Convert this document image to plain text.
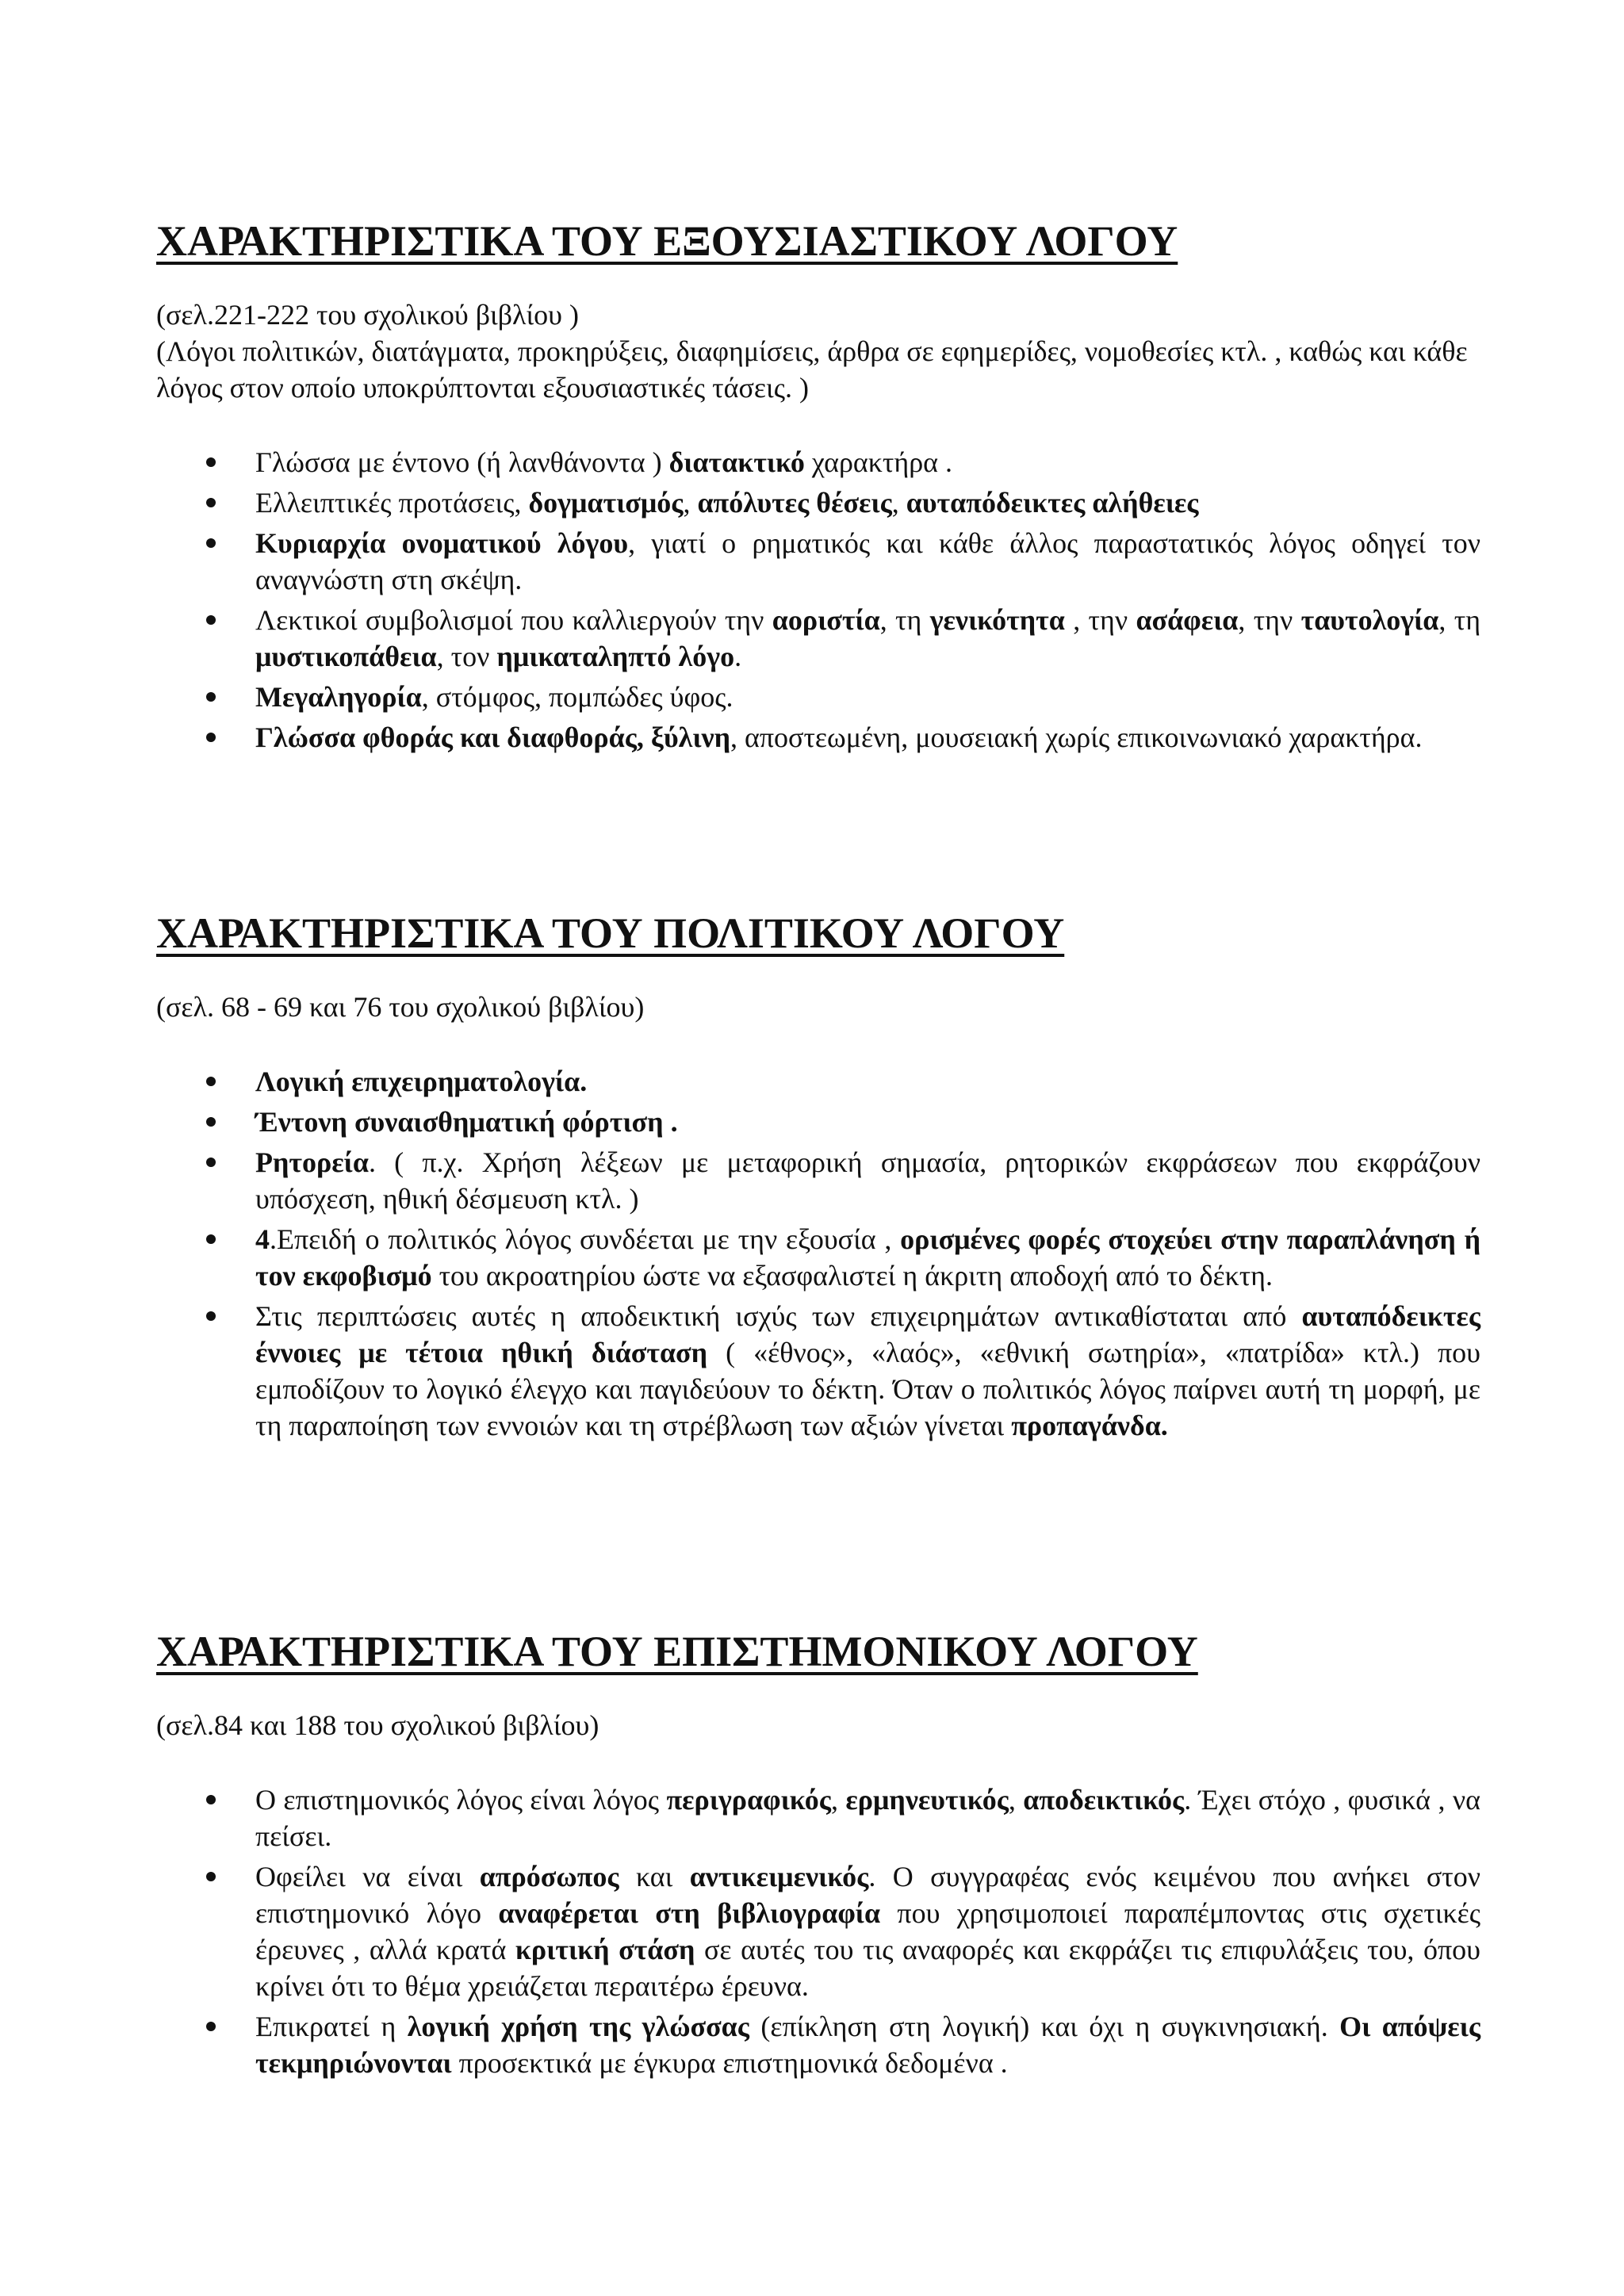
ΧΑΡΑΚΤΗΡΙΣΤΙΚΑ ΤΟΥ ΕΞΟΥΣΙΑΣΤΙΚΟΥ ΛΟΓΟΥ

(σελ.221-222 του σχολικού βιβλίου )

(Λόγοι πολιτικών, διατάγματα, προκηρύξεις, διαφημίσεις, άρθρα σε εφημερίδες, νομοθεσίες κτλ. , καθώς και κάθε λόγος στον οποίο υποκρύπτονται εξουσιαστικές τάσεις. )

Γλώσσα με έντονο (ή λανθάνοντα ) διατακτικό χαρακτήρα .
Ελλειπτικές προτάσεις, δογματισμός, απόλυτες θέσεις, αυταπόδεικτες αλήθειες
Κυριαρχία ονοματικού λόγου, γιατί ο ρηματικός και κάθε άλλος παραστατικός λόγος οδηγεί τον αναγνώστη στη σκέψη.
Λεκτικοί συμβολισμοί που καλλιεργούν την αοριστία, τη γενικότητα , την ασάφεια, την ταυτολογία, τη μυστικοπάθεια, τον ημικαταληπτό λόγο.
Μεγαληγορία, στόμφος, πομπώδες ύφος.
Γλώσσα φθοράς και διαφθοράς, ξύλινη, αποστεωμένη, μουσειακή χωρίς επικοινωνιακό χαρακτήρα.
ΧΑΡΑΚΤΗΡΙΣΤΙΚΑ ΤΟΥ ΠΟΛΙΤΙΚΟΥ ΛΟΓΟΥ

(σελ. 68 - 69 και 76 του σχολικού βιβλίου)

Λογική επιχειρηματολογία.
Έντονη συναισθηματική φόρτιση .
Ρητορεία. ( π.χ. Χρήση λέξεων με μεταφορική σημασία, ρητορικών εκφράσεων που εκφράζουν υπόσχεση, ηθική δέσμευση κτλ. )
4.Επειδή ο πολιτικός λόγος συνδέεται με την εξουσία , ορισμένες φορές στοχεύει στην παραπλάνηση ή τον εκφοβισμό του ακροατηρίου ώστε να εξασφαλιστεί η άκριτη αποδοχή από το δέκτη.
Στις περιπτώσεις αυτές η αποδεικτική ισχύς των επιχειρημάτων αντικαθίσταται από αυταπόδεικτες έννοιες με τέτοια ηθική διάσταση ( «έθνος», «λαός», «εθνική σωτηρία», «πατρίδα» κτλ.) που εμποδίζουν το λογικό έλεγχο και παγιδεύουν το δέκτη. Όταν ο πολιτικός λόγος παίρνει αυτή τη μορφή, με τη παραποίηση των εννοιών και τη στρέβλωση των αξιών γίνεται προπαγάνδα.
ΧΑΡΑΚΤΗΡΙΣΤΙΚΑ ΤΟΥ ΕΠΙΣΤΗΜΟΝΙΚΟΥ ΛΟΓΟΥ

(σελ.84 και 188 του σχολικού βιβλίου)

Ο επιστημονικός λόγος είναι λόγος περιγραφικός, ερμηνευτικός, αποδεικτικός. Έχει στόχο , φυσικά , να πείσει.
Οφείλει να είναι απρόσωπος και αντικειμενικός. Ο συγγραφέας ενός κειμένου που ανήκει στον επιστημονικό λόγο αναφέρεται στη βιβλιογραφία που χρησιμοποιεί παραπέμποντας στις σχετικές έρευνες , αλλά κρατά κριτική στάση σε αυτές του τις αναφορές και εκφράζει τις επιφυλάξεις του, όπου κρίνει ότι το θέμα χρειάζεται περαιτέρω έρευνα.
Επικρατεί η λογική χρήση της γλώσσας (επίκληση στη λογική) και όχι η συγκινησιακή. Οι απόψεις τεκμηριώνονται προσεκτικά με έγκυρα επιστημονικά δεδομένα .
